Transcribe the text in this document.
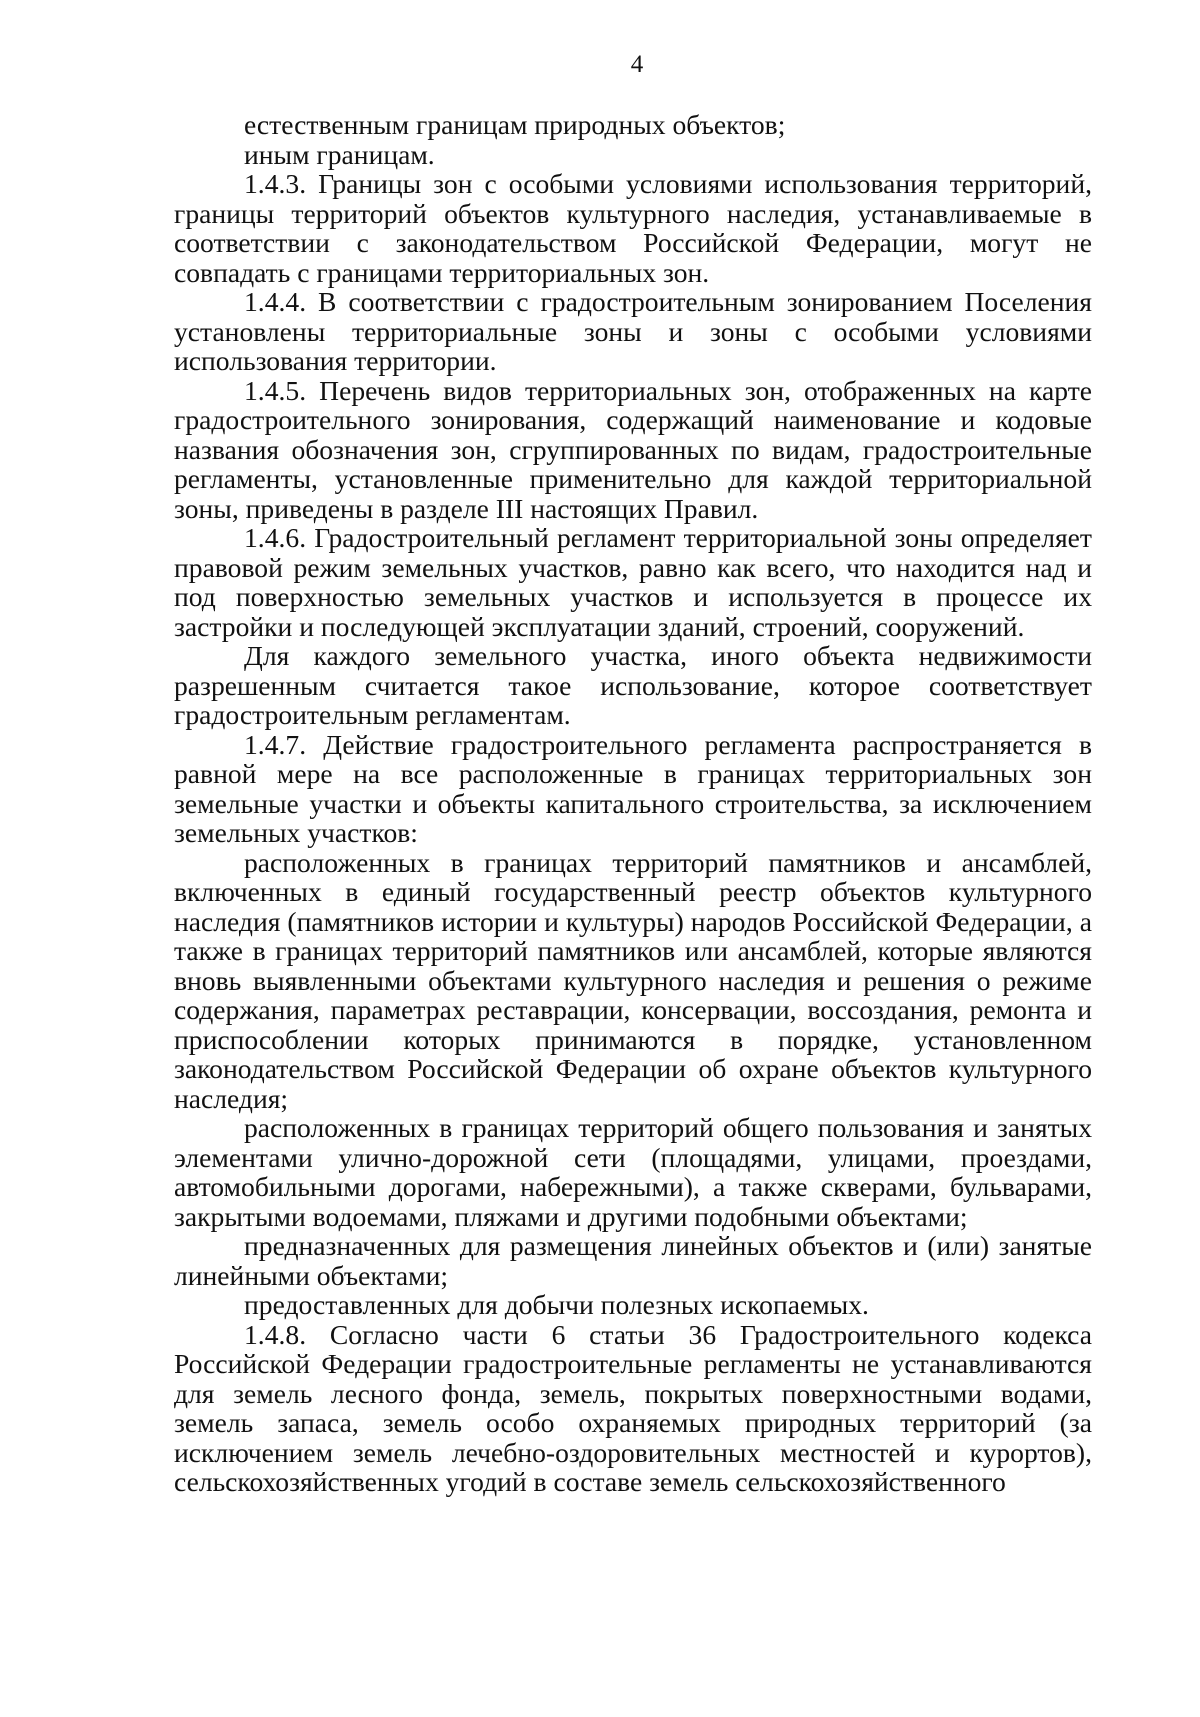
4

естественным границам природных объектов;

иным границам.

1.4.3. Границы зон с особыми условиями использования территорий, границы территорий объектов культурного наследия, устанавливаемые в соответствии с законодательством Российской Федерации, могут не совпадать с границами территориальных зон.

1.4.4. В соответствии с градостроительным зонированием Поселения установлены территориальные зоны и зоны с особыми условиями использования территории.

1.4.5. Перечень видов территориальных зон, отображенных на карте градостроительного зонирования, содержащий наименование и кодовые названия обозначения зон, сгруппированных по видам, градостроительные регламенты, установленные применительно для каждой территориальной зоны, приведены в разделе III настоящих Правил.

1.4.6. Градостроительный регламент территориальной зоны определяет правовой режим земельных участков, равно как всего, что находится над и под поверхностью земельных участков и используется в процессе их застройки и последующей эксплуатации зданий, строений, сооружений.

Для каждого земельного участка, иного объекта недвижимости разрешенным считается такое использование, которое соответствует градостроительным регламентам.

1.4.7. Действие градостроительного регламента распространяется в равной мере на все расположенные в границах территориальных зон земельные участки и объекты капитального строительства, за исключением земельных участков:

расположенных в границах территорий памятников и ансамблей, включенных в единый государственный реестр объектов культурного наследия (памятников истории и культуры) народов Российской Федерации, а также в границах территорий памятников или ансамблей, которые являются вновь выявленными объектами культурного наследия и решения о режиме содержания, параметрах реставрации, консервации, воссоздания, ремонта и приспособлении которых принимаются в порядке, установленном законодательством Российской Федерации об охране объектов культурного наследия;

расположенных в границах территорий общего пользования и занятых элементами улично-дорожной сети (площадями, улицами, проездами, автомобильными дорогами, набережными), а также скверами, бульварами, закрытыми водоемами, пляжами и другими подобными объектами;

предназначенных для размещения линейных объектов и (или) занятые линейными объектами;

предоставленных для добычи полезных ископаемых.

1.4.8. Согласно части 6 статьи 36 Градостроительного кодекса Российской Федерации градостроительные регламенты не устанавливаются для земель лесного фонда, земель, покрытых поверхностными водами, земель запаса, земель особо охраняемых природных территорий (за исключением земель лечебно-оздоровительных местностей и курортов), сельскохозяйственных угодий в составе земель сельскохозяйственного
